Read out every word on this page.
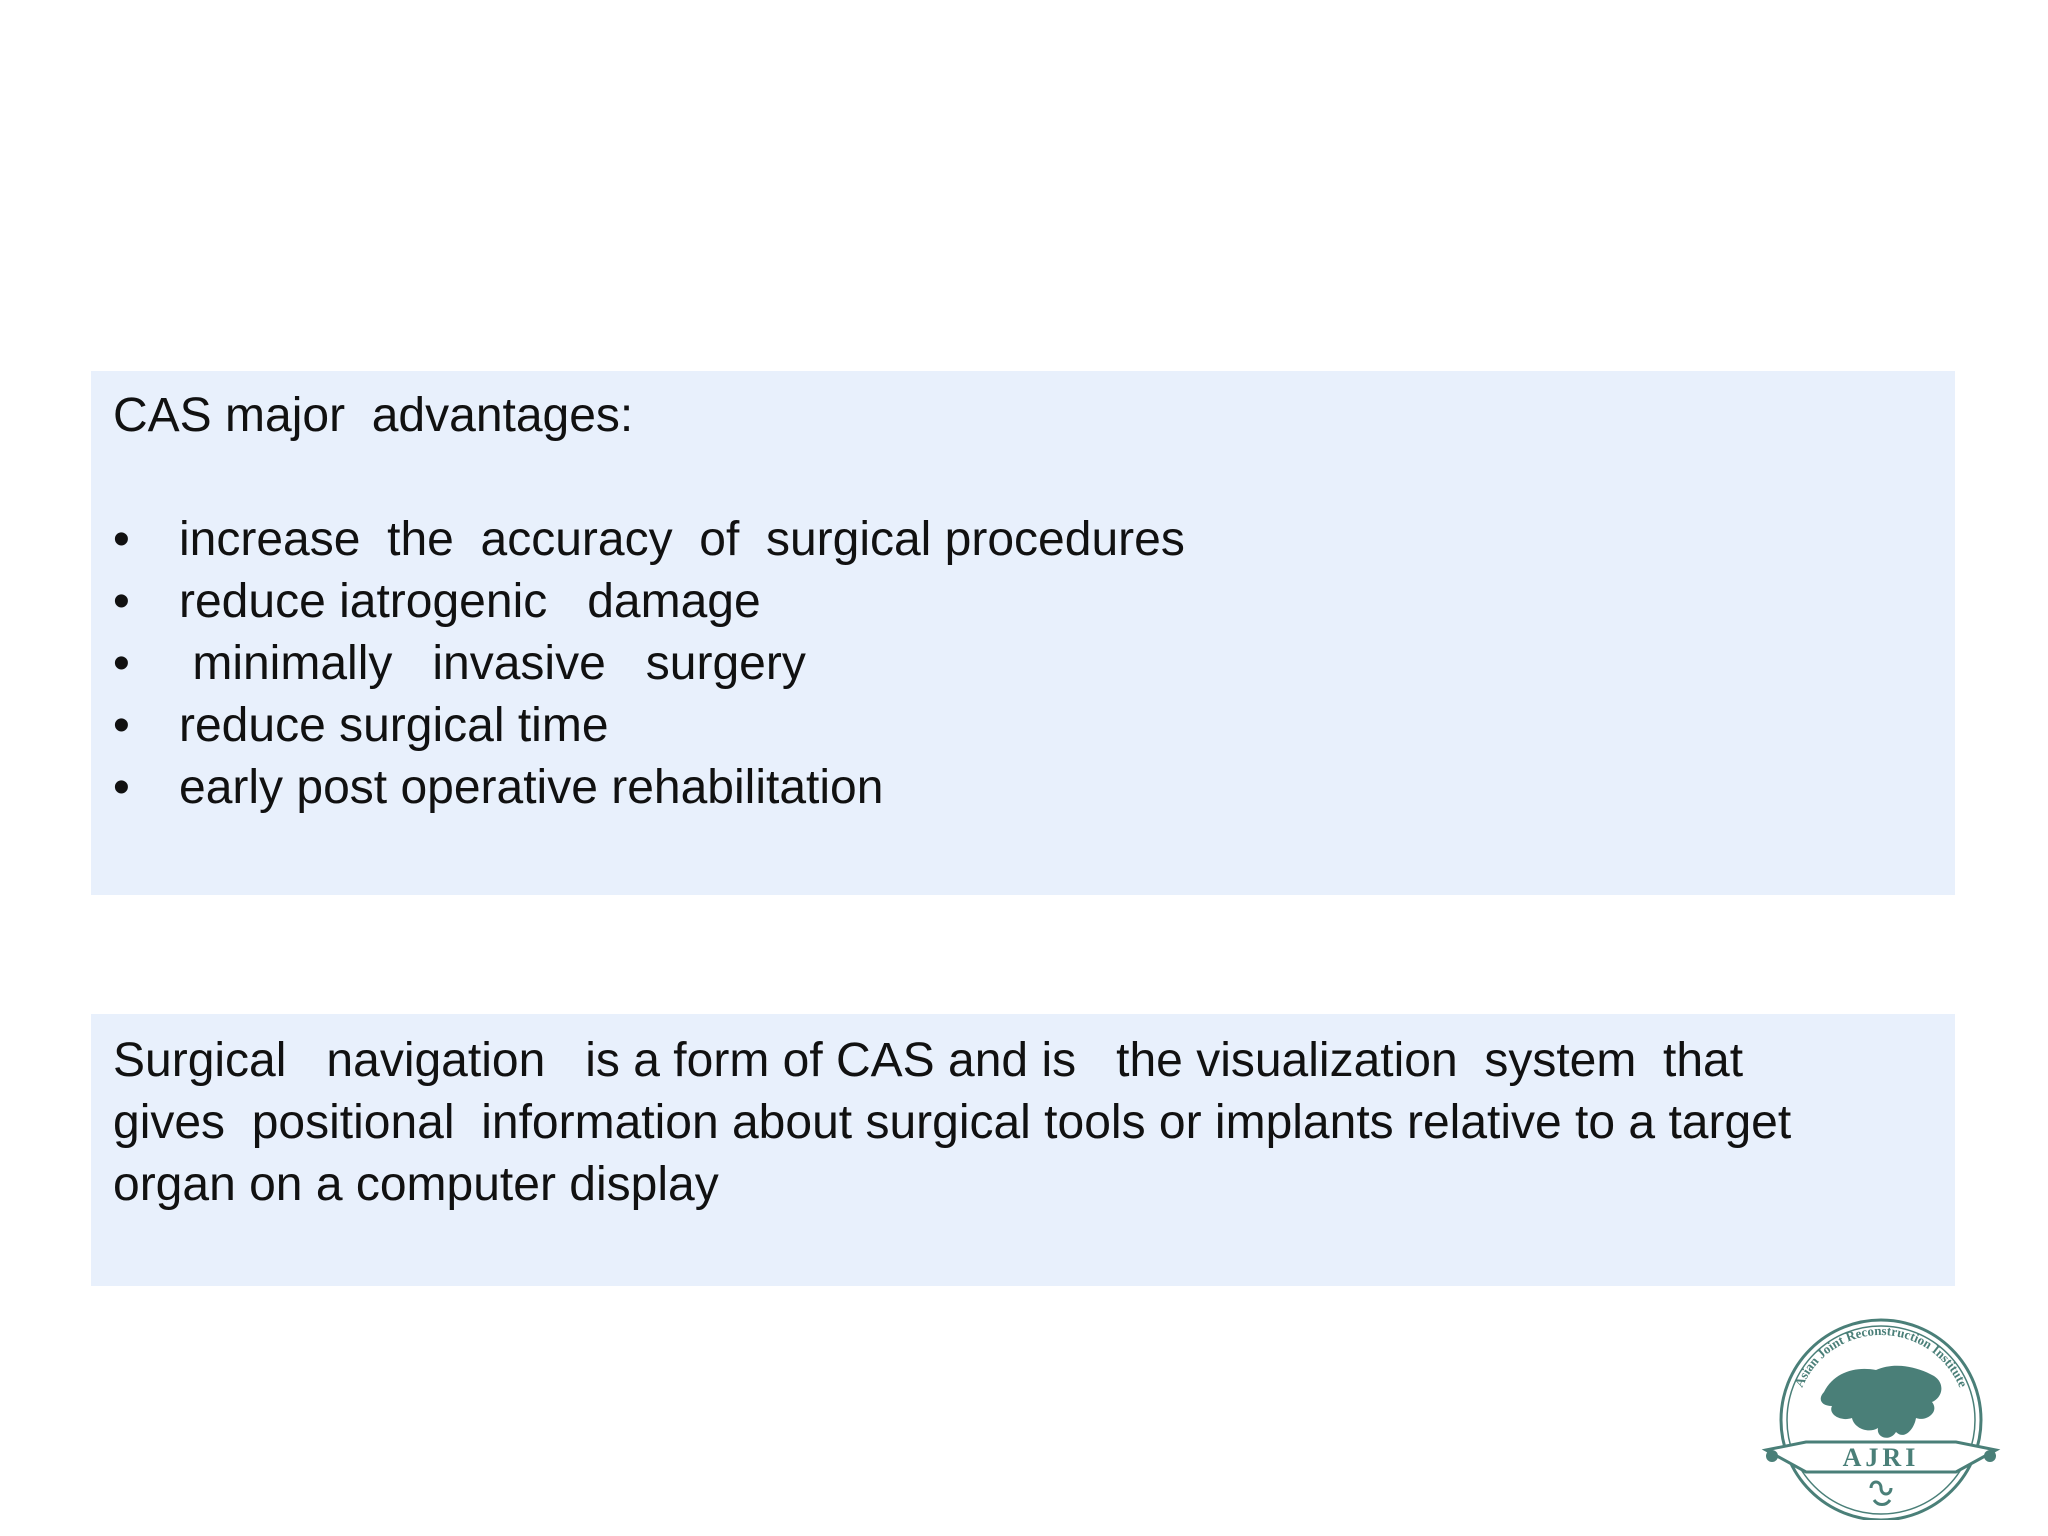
CAS major  advantages:

•	increase  the  accuracy  of  surgical procedures
•	reduce iatrogenic   damage
•	minimally   invasive   surgery
•	reduce surgical time
•	early post operative rehabilitation

Surgical   navigation   is a form of CAS and is   the visualization  system  that
gives  positional  information about surgical tools or implants relative to a target
organ on a computer display

Asian Joint Reconstruction Institute
AJRI
